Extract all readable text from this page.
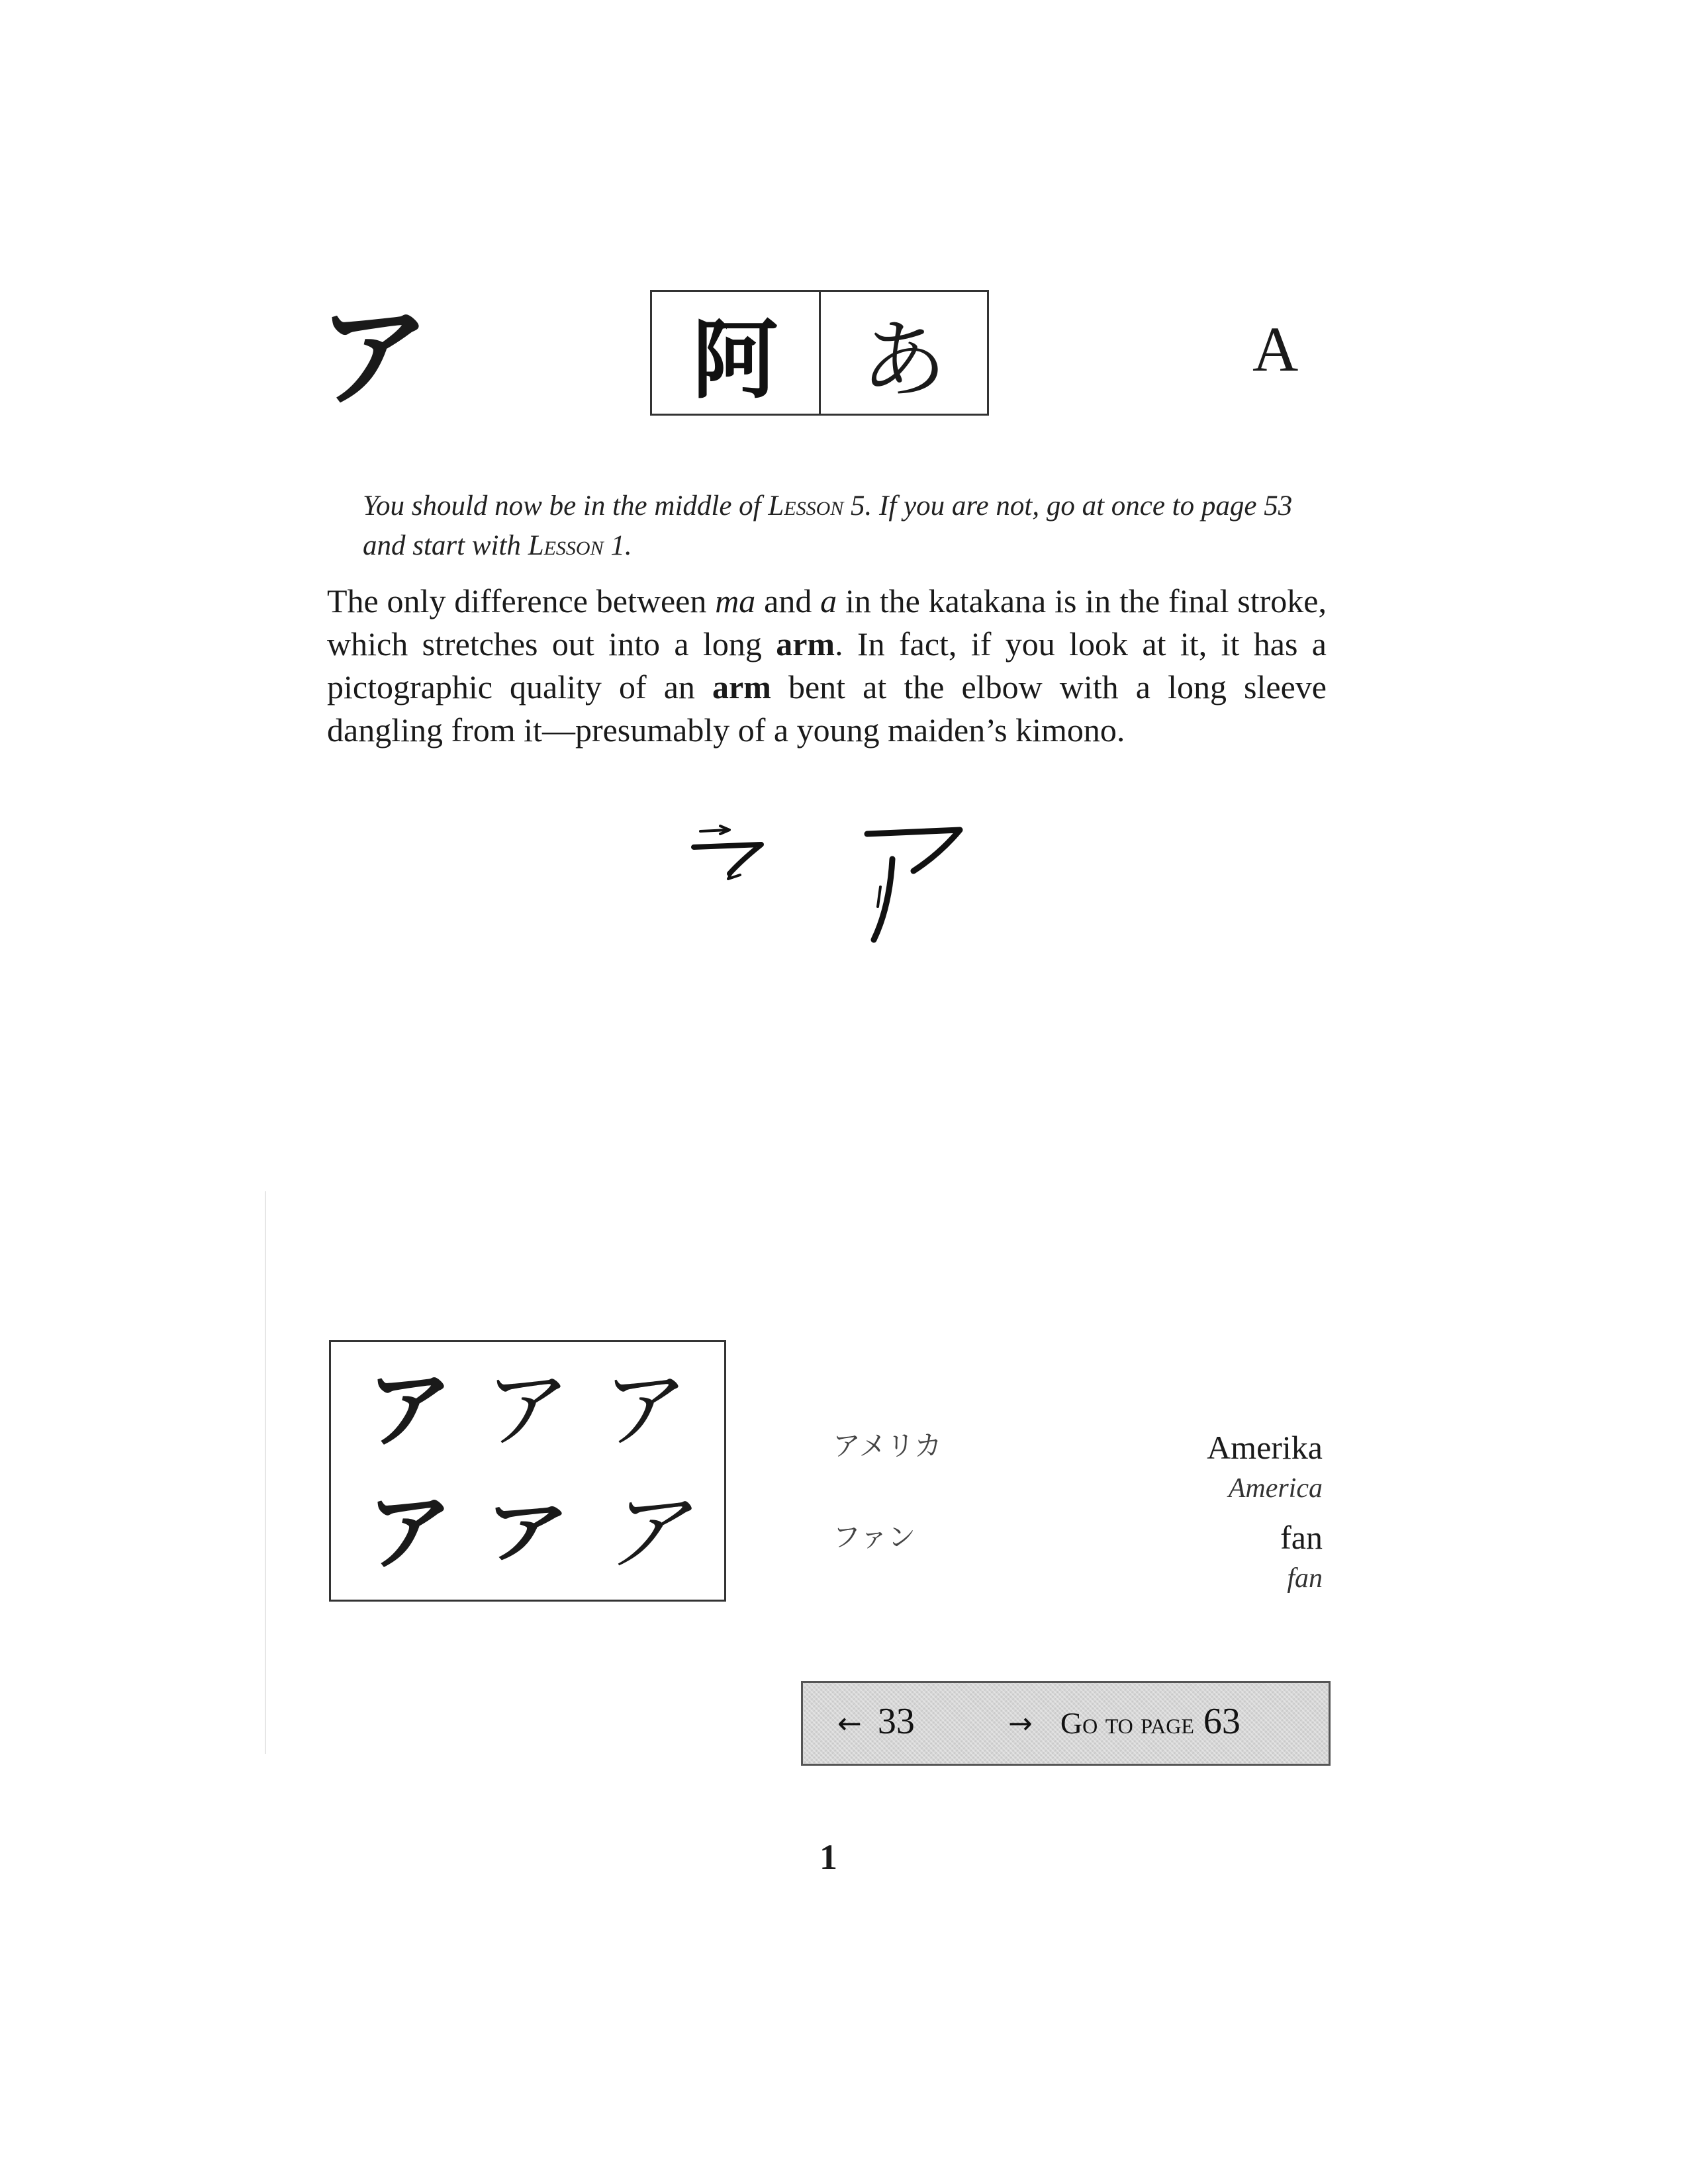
ア	阿 あ	A
You should now be in the middle of Lesson 5. If you are not, go at once to page 53 and start with Lesson 1.
The only difference between ma and a in the katakana is in the final stroke, which stretches out into a long arm. In fact, if you look at it, it has a pictographic quality of an arm bent at the elbow with a long sleeve dangling from it—presumably of a young maiden’s kimono.
ア ア ア
ア ア ア
アメリカ	Amerika
America
ファン	fan
fan
← 33	→ Go to page 63
1
